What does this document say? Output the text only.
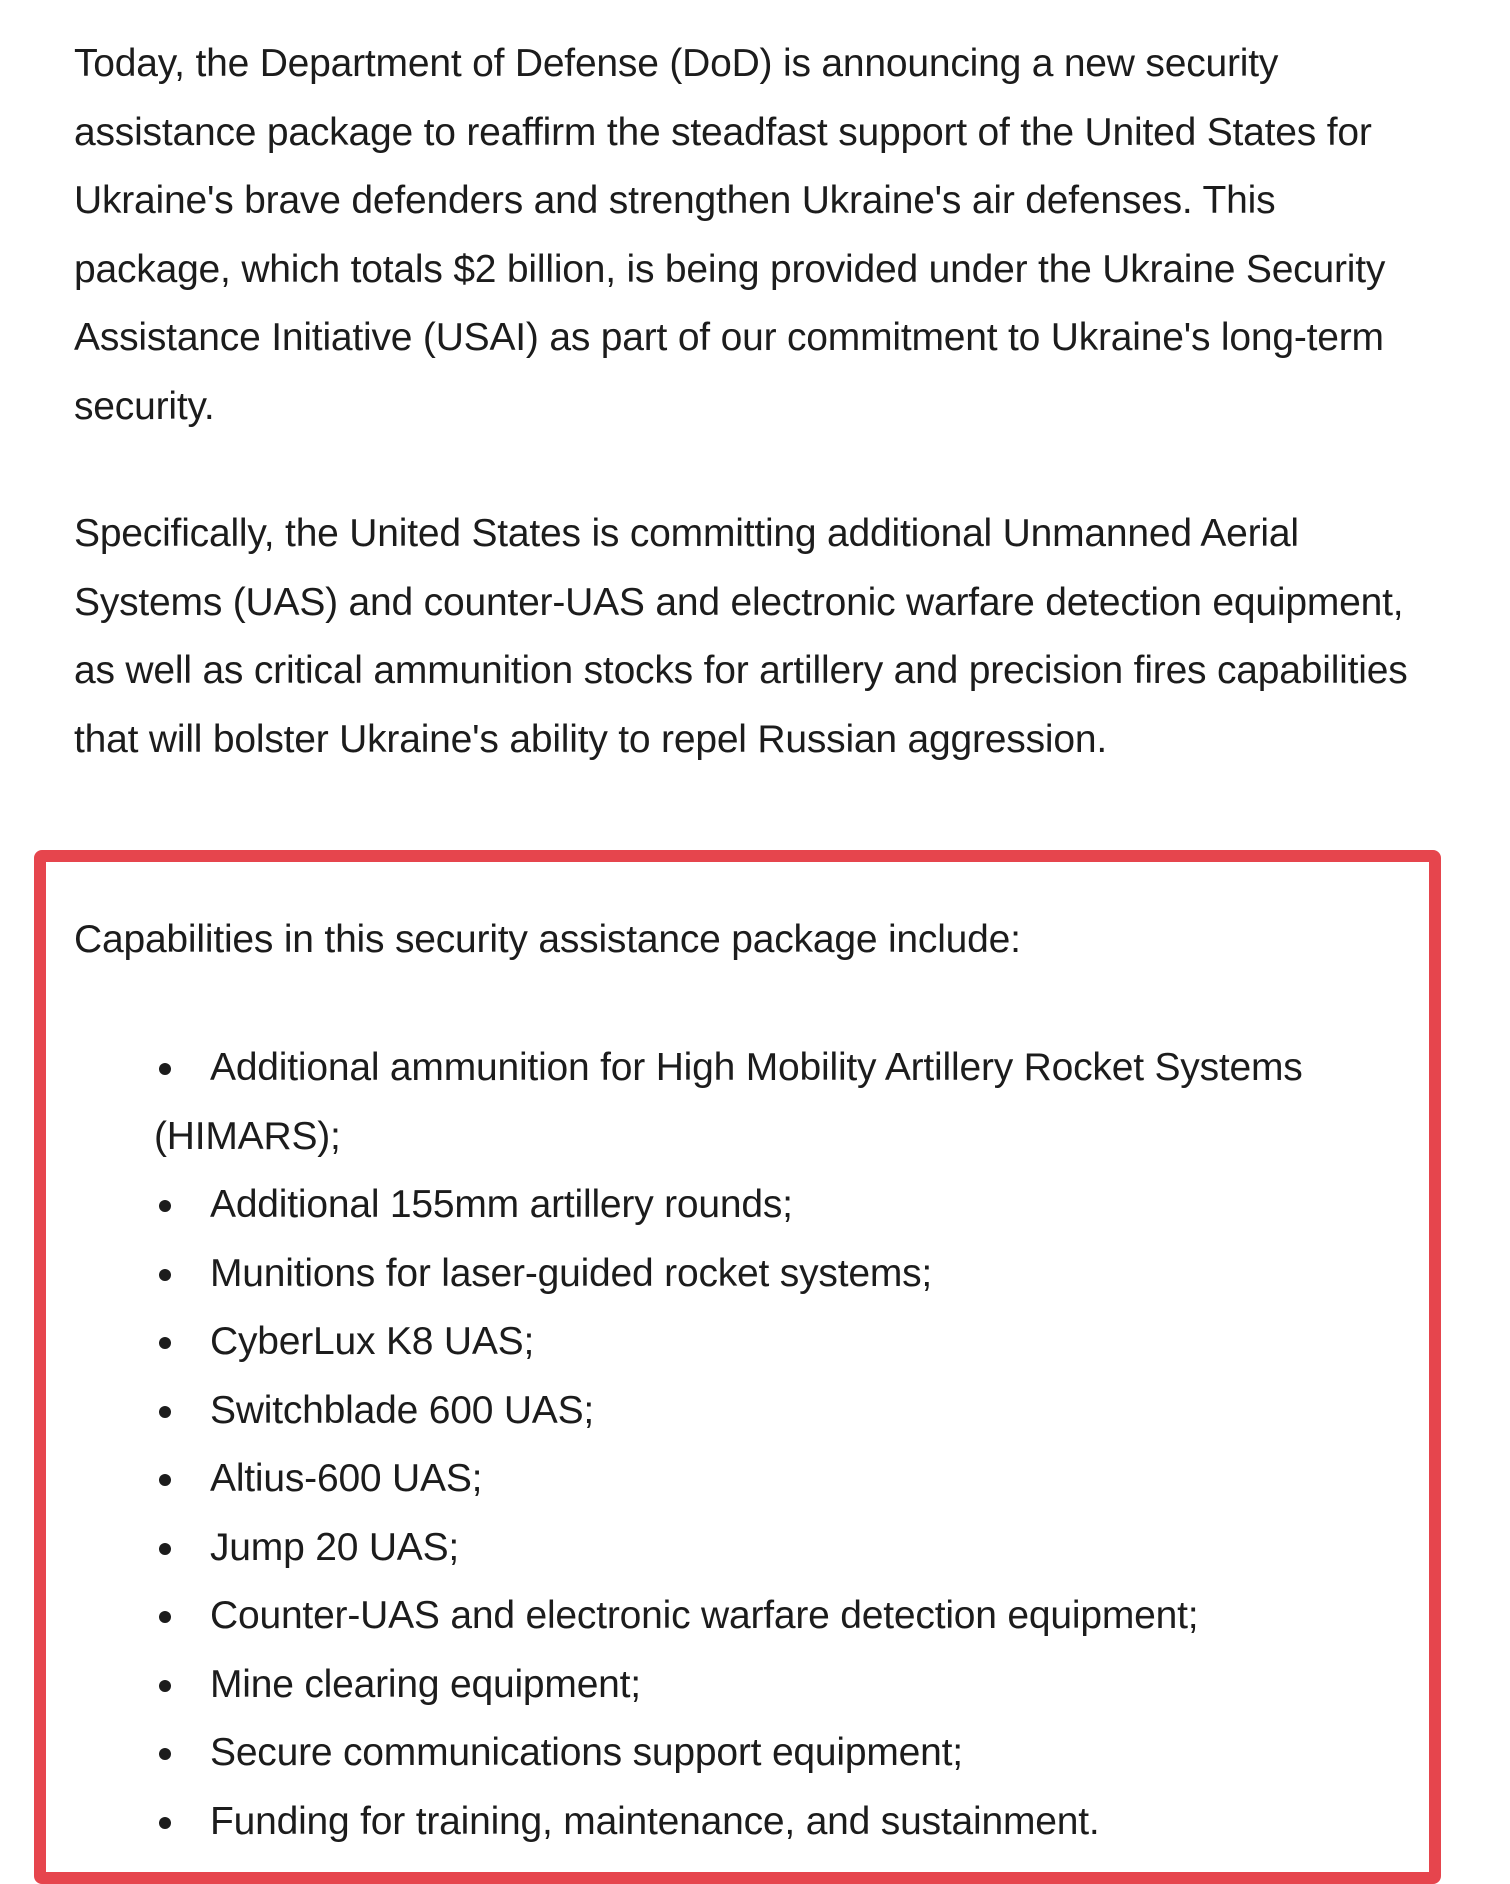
Today, the Department of Defense (DoD) is announcing a new security assistance package to reaffirm the steadfast support of the United States for Ukraine's brave defenders and strengthen Ukraine's air defenses. This package, which totals $2 billion, is being provided under the Ukraine Security Assistance Initiative (USAI) as part of our commitment to Ukraine's long-term security.

Specifically, the United States is committing additional Unmanned Aerial Systems (UAS) and counter-UAS and electronic warfare detection equipment, as well as critical ammunition stocks for artillery and precision fires capabilities that will bolster Ukraine's ability to repel Russian aggression.

Capabilities in this security assistance package include:

Additional ammunition for High Mobility Artillery Rocket Systems (HIMARS);
Additional 155mm artillery rounds;
Munitions for laser-guided rocket systems;
CyberLux K8 UAS;
Switchblade 600 UAS;
Altius-600 UAS;
Jump 20 UAS;
Counter-UAS and electronic warfare detection equipment;
Mine clearing equipment;
Secure communications support equipment;
Funding for training, maintenance, and sustainment.
